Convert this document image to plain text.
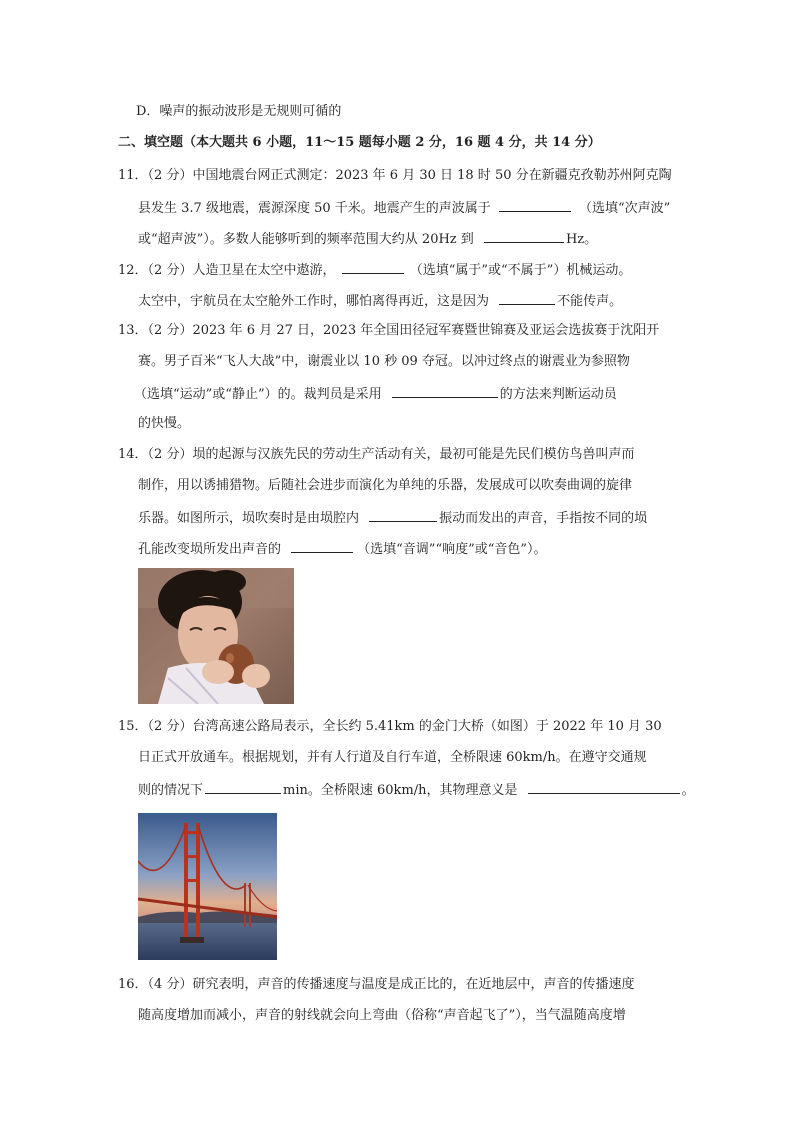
D．噪声的振动波形是无规则可循的
二、填空题（本大题共 6 小题，11～15 题每小题 2 分，16 题 4 分，共 14 分）
11．（2 分）中国地震台网正式测定：2023 年 6 月 30 日 18 时 50 分在新疆克孜勒苏州阿克陶
县发生 3.7 级地震，震源深度 50 千米。地震产生的声波属于	（选填“次声波”
或“超声波”）。多数人能够听到的频率范围大约从 20Hz 到	Hz。
12．（2 分）人造卫星在太空中遨游，	（选填“属于”或“不属于”）机械运动。
太空中，宇航员在太空舱外工作时，哪怕离得再近，这是因为	不能传声。
13．（2 分）2023 年 6 月 27 日，2023 年全国田径冠军赛暨世锦赛及亚运会选拔赛于沈阳开
赛。男子百米“飞人大战”中，谢震业以 10 秒 09 夺冠。以冲过终点的谢震业为参照物
（选填“运动”或“静止”）的。裁判员是采用	的方法来判断运动员
的快慢。
14．（2 分）埙的起源与汉族先民的劳动生产活动有关，最初可能是先民们模仿鸟兽叫声而
制作，用以诱捕猎物。后随社会进步而演化为单纯的乐器，发展成可以吹奏曲调的旋律
乐器。如图所示，埙吹奏时是由埙腔内	振动而发出的声音，手指按不同的埙
孔能改变埙所发出声音的	（选填“音调”“响度”或“音色”）。
15．（2 分）台湾高速公路局表示，全长约 5.41km 的金门大桥（如图）于 2022 年 10 月 30
日正式开放通车。根据规划，并有人行道及自行车道，全桥限速 60km/h。在遵守交通规
则的情况下	min。全桥限速 60km/h，其物理意义是	。
16．（4 分）研究表明，声音的传播速度与温度是成正比的，在近地层中，声音的传播速度
随高度增加而减小，声音的射线就会向上弯曲（俗称“声音起飞了”），当气温随高度增
